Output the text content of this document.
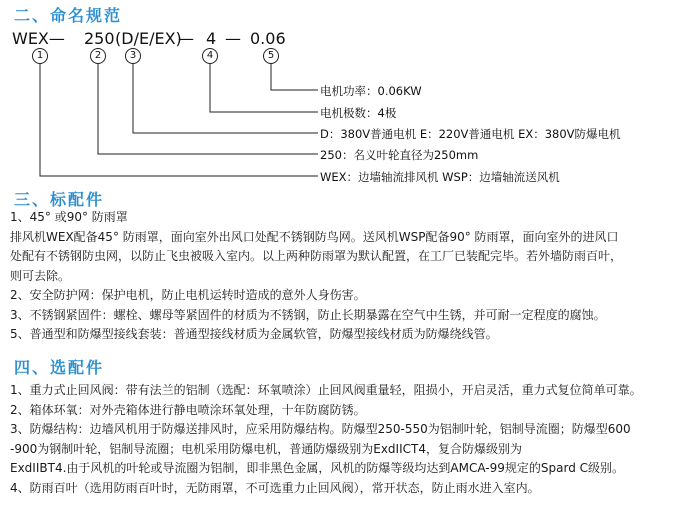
二、命名规范
WEX— 250 (D/E/EX)
— 4 — 0.06
1	2	3	4	5
电机功率：0.06KW
电机极数：4极
D：380V普通电机 E：220V普通电机 EX：380V防爆电机
250：名义叶轮直径为250mm
WEX：边墙轴流排风机 WSP：边墙轴流送风机
三、标配件
1、45° 或90° 防雨罩
排风机WEX配备45° 防雨罩，面向室外出风口处配不锈钢防鸟网。送风机WSP配备90° 防雨罩，面向室外的进风口
处配有不锈钢防虫网，以防止飞虫被吸入室内。以上两种防雨罩为默认配置，在工厂已装配完毕。若外墙防雨百叶，
则可去除。
2、安全防护网：保护电机，防止电机运转时造成的意外人身伤害。
3、不锈钢紧固件：螺栓、螺母等紧固件的材质为不锈钢，防止长期暴露在空气中生锈，并可耐一定程度的腐蚀。
5、普通型和防爆型接线套装：普通型接线材质为金属软管，防爆型接线材质为防爆绕线管。
四、选配件
1、重力式止回风阀：带有法兰的铝制（选配：环氧喷涂）止回风阀重量轻，阻损小，开启灵活，重力式复位简单可靠。
2、箱体环氧：对外壳箱体进行静电喷涂环氧处理，十年防腐防锈。
3、防爆结构：边墙风机用于防爆送排风时，应采用防爆结构。防爆型250-550为铝制叶轮，铝制导流圈；防爆型600
-900为钢制叶轮，铝制导流圈；电机采用防爆电机，普通防爆级别为ExdIICT4，复合防爆级别为
ExdIIBT4.由于风机的叶轮或导流圈为铝制，即非黑色金属，风机的防爆等级均达到AMCA-99规定的Spard C级别。
4、防雨百叶（选用防雨百叶时，无防雨罩，不可选重力止回风阀），常开状态，防止雨水进入室内。
